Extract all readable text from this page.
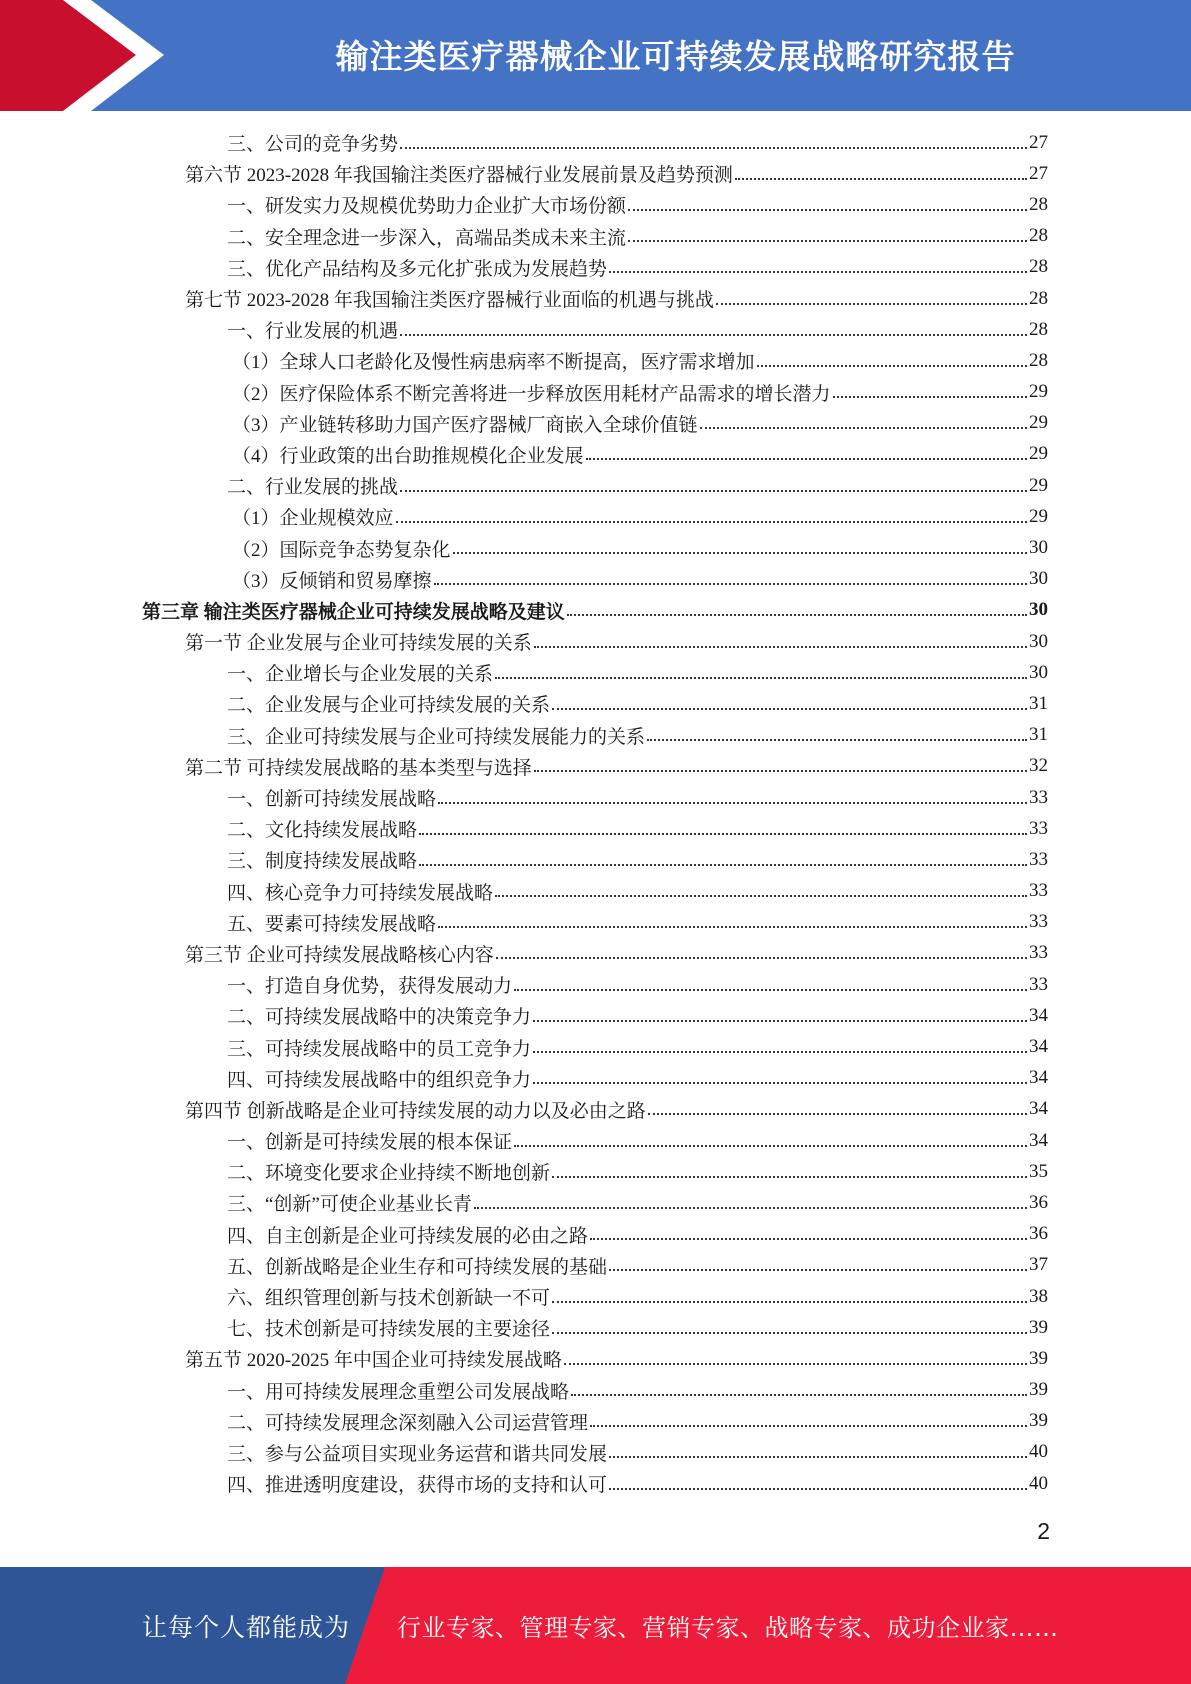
输注类医疗器械企业可持续发展战略研究报告
三、公司的竞争劣势	27
第六节 2023-2028 年我国输注类医疗器械行业发展前景及趋势预测	27
一、研发实力及规模优势助力企业扩大市场份额	28
二、安全理念进一步深入，高端品类成未来主流	28
三、优化产品结构及多元化扩张成为发展趋势	28
第七节 2023-2028 年我国输注类医疗器械行业面临的机遇与挑战	28
一、行业发展的机遇	28
（1）全球人口老龄化及慢性病患病率不断提高，医疗需求增加	28
（2）医疗保险体系不断完善将进一步释放医用耗材产品需求的增长潜力	29
（3）产业链转移助力国产医疗器械厂商嵌入全球价值链	29
（4）行业政策的出台助推规模化企业发展	29
二、行业发展的挑战	29
（1）企业规模效应	29
（2）国际竞争态势复杂化	30
（3）反倾销和贸易摩擦	30
第三章 输注类医疗器械企业可持续发展战略及建议	30
第一节 企业发展与企业可持续发展的关系	30
一、企业增长与企业发展的关系	30
二、企业发展与企业可持续发展的关系	31
三、企业可持续发展与企业可持续发展能力的关系	31
第二节 可持续发展战略的基本类型与选择	32
一、创新可持续发展战略	33
二、文化持续发展战略	33
三、制度持续发展战略	33
四、核心竞争力可持续发展战略	33
五、要素可持续发展战略	33
第三节 企业可持续发展战略核心内容	33
一、打造自身优势，获得发展动力	33
二、可持续发展战略中的决策竞争力	34
三、可持续发展战略中的员工竞争力	34
四、可持续发展战略中的组织竞争力	34
第四节 创新战略是企业可持续发展的动力以及必由之路	34
一、创新是可持续发展的根本保证	34
二、环境变化要求企业持续不断地创新	35
三、“创新”可使企业基业长青	36
四、自主创新是企业可持续发展的必由之路	36
五、创新战略是企业生存和可持续发展的基础	37
六、组织管理创新与技术创新缺一不可	38
七、技术创新是可持续发展的主要途径	39
第五节 2020-2025 年中国企业可持续发展战略	39
一、用可持续发展理念重塑公司发展战略	39
二、可持续发展理念深刻融入公司运营管理	39
三、参与公益项目实现业务运营和谐共同发展	40
四、推进透明度建设，获得市场的支持和认可	40
2
让每个人都能成为 行业专家、管理专家、营销专家、战略专家、成功企业家……
